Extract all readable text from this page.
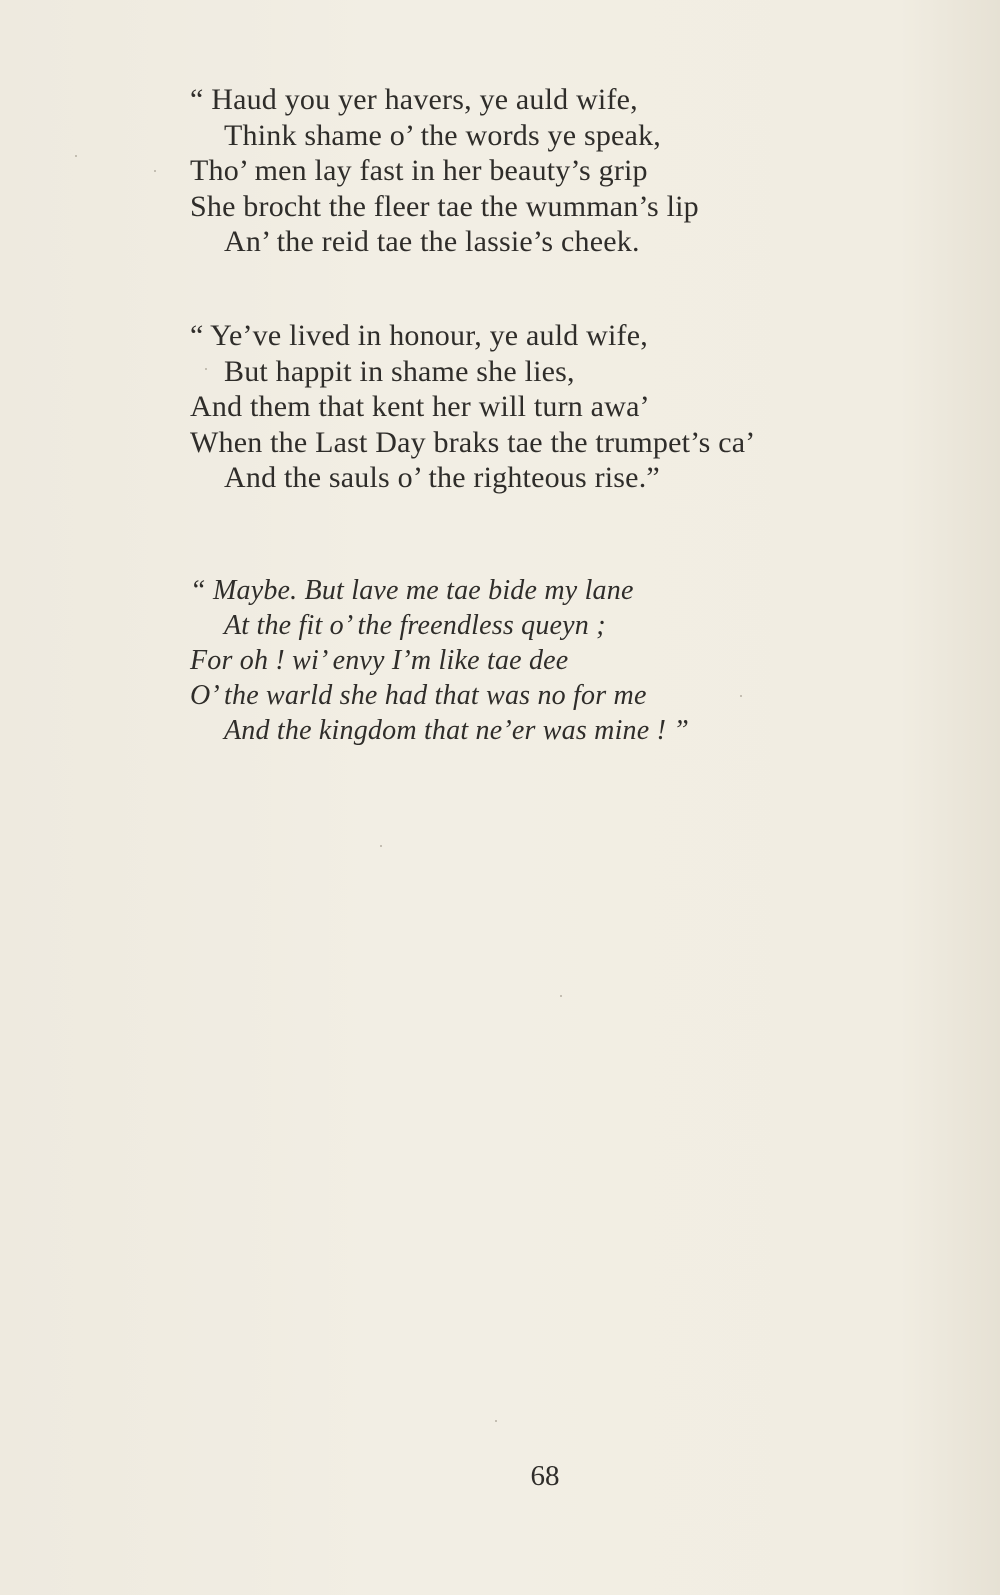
“ Haud you yer havers, ye auld wife,
Think shame o’ the words ye speak,
Tho’ men lay fast in her beauty’s grip
She brocht the fleer tae the wumman’s lip
An’ the reid tae the lassie’s cheek.
“ Ye’ve lived in honour, ye auld wife,
But happit in shame she lies,
And them that kent her will turn awa’
When the Last Day braks tae the trumpet’s ca’
And the sauls o’ the righteous rise.”
“ Maybe. But lave me tae bide my lane
At the fit o’ the freendless queyn ;
For oh ! wi’ envy I’m like tae dee
O’ the warld she had that was no for me
And the kingdom that ne’er was mine ! ”
68
